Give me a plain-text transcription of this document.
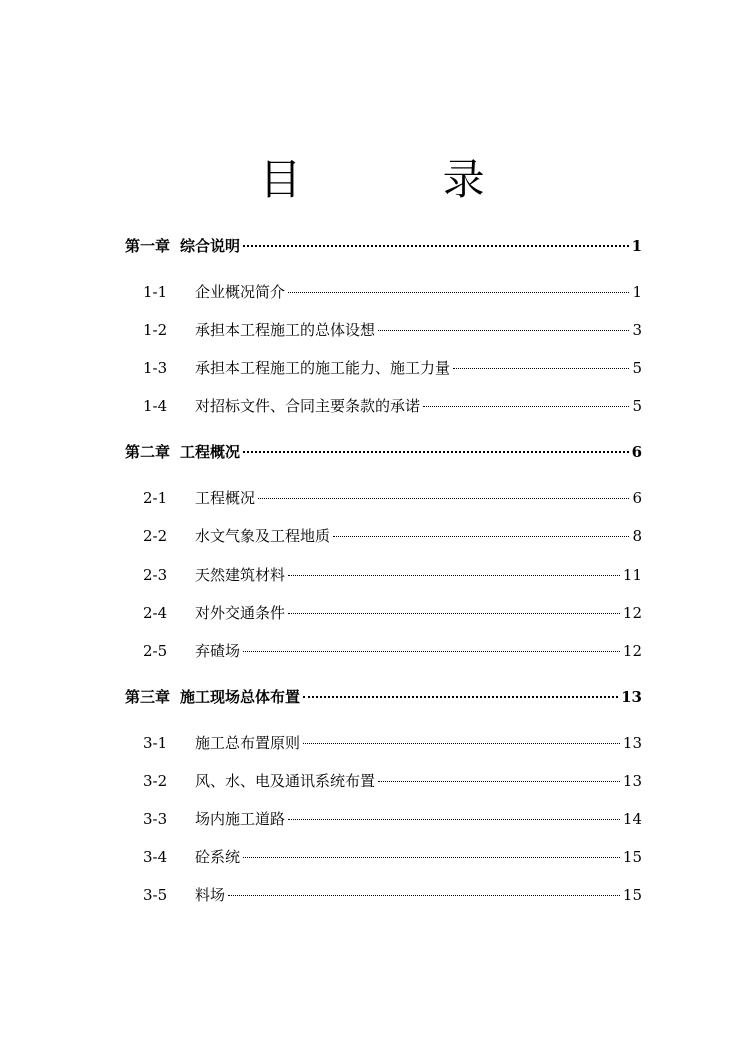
目 录
第一章 综合说明	1
1-1	企业概况简介	1
1-2	承担本工程施工的总体设想	3
1-3	承担本工程施工的施工能力、施工力量	5
1-4	对招标文件、合同主要条款的承诺	5
第二章 工程概况	6
2-1	工程概况	6
2-2	水文气象及工程地质	8
2-3	天然建筑材料	11
2-4	对外交通条件	12
2-5	弃碴场	12
第三章 施工现场总体布置	13
3-1	施工总布置原则	13
3-2	风、水、电及通讯系统布置	13
3-3	场内施工道路	14
3-4	砼系统	15
3-5	料场	15
